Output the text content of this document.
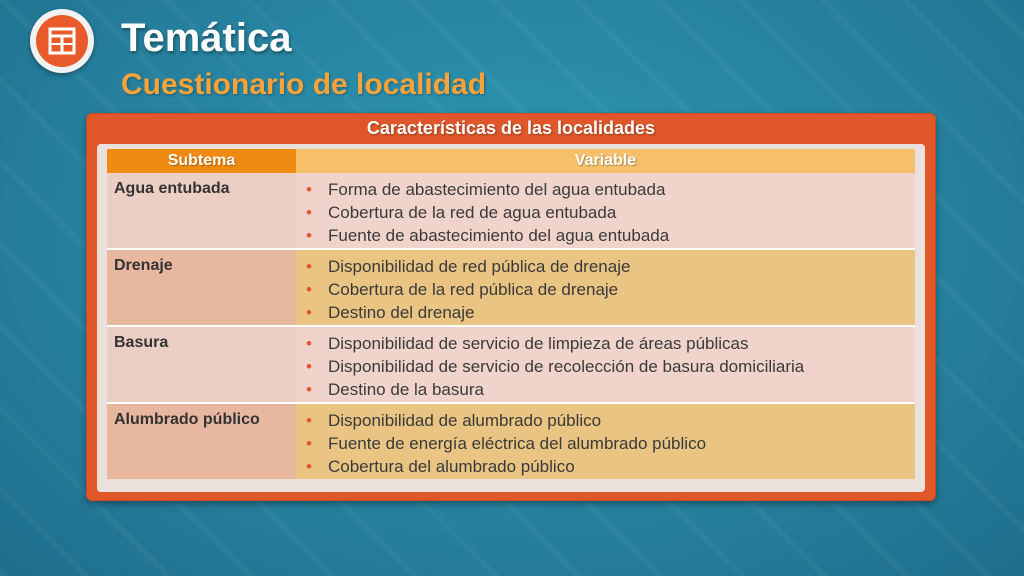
Temática
Cuestionario de localidad
Características de las localidades
Subtema	Variable
Agua entubada	• Forma de abastecimiento del agua entubada
• Cobertura de la red de agua entubada
• Fuente de abastecimiento del agua entubada
Drenaje	• Disponibilidad de red pública de drenaje
• Cobertura de la red pública de drenaje
• Destino del drenaje
Basura	• Disponibilidad de servicio de limpieza de áreas públicas
• Disponibilidad de servicio de recolección de basura domiciliaria
• Destino de la basura
Alumbrado público	• Disponibilidad de alumbrado público
• Fuente de energía eléctrica del alumbrado público
• Cobertura del alumbrado público
